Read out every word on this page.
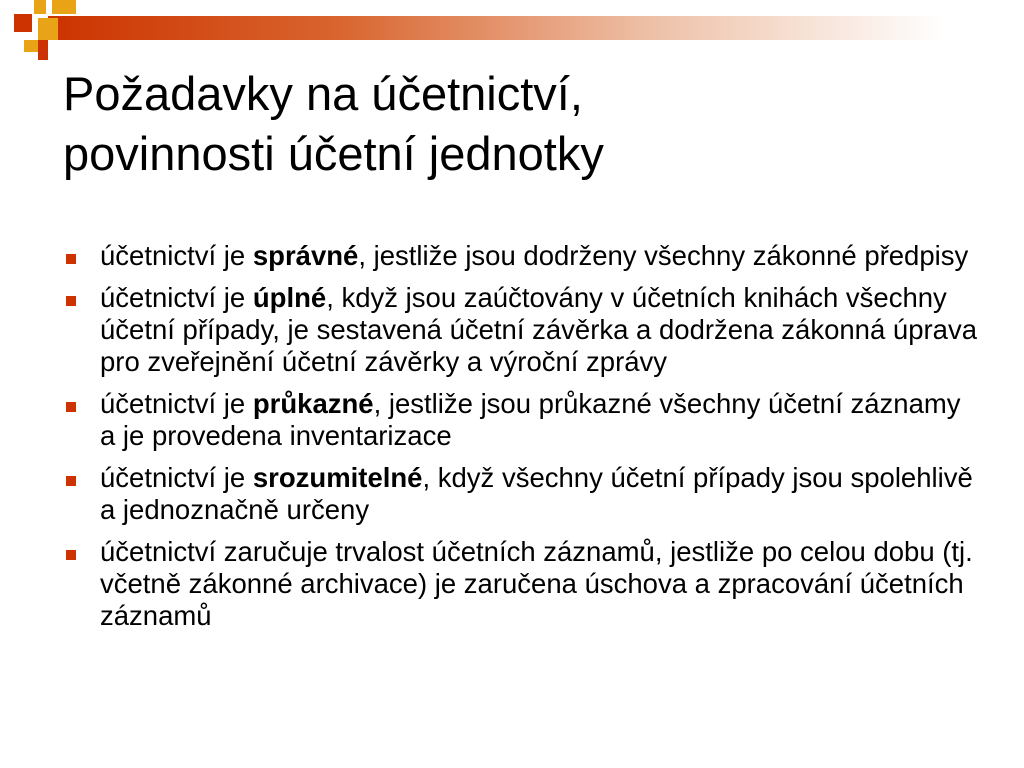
Požadavky na účetnictví,
povinnosti účetní jednotky
účetnictví je správné, jestliže jsou dodrženy všechny zákonné předpisy
účetnictví je úplné, když jsou zaúčtovány v účetních knihách všechny účetní případy, je sestavená účetní závěrka a dodržena zákonná úprava pro zveřejnění účetní závěrky a výroční zprávy
účetnictví je průkazné, jestliže jsou průkazné všechny účetní záznamy a je provedena inventarizace
účetnictví je srozumitelné, když všechny účetní případy jsou spolehlivě a jednoznačně určeny
účetnictví zaručuje trvalost účetních záznamů, jestliže po celou dobu (tj. včetně zákonné archivace) je zaručena úschova a zpracování účetních záznamů
